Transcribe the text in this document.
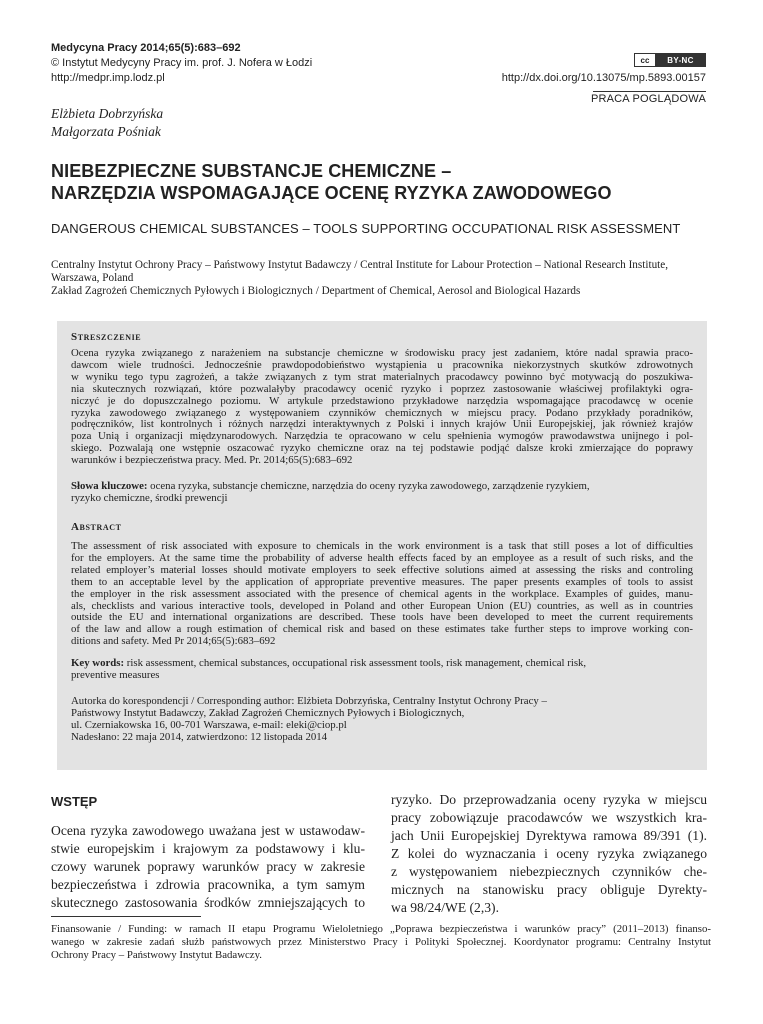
Medycyna Pracy 2014;65(5):683–692
© Instytut Medycyny Pracy im. prof. J. Nofera w Łodzi
http://medpr.imp.lodz.pl
cc	BY-NC
http://dx.doi.org/10.13075/mp.5893.00157
PRACA POGLĄDOWA
Elżbieta Dobrzyńska
Małgorzata Pośniak
NIEBEZPIECZNE SUBSTANCJE CHEMICZNE –
NARZĘDZIA WSPOMAGAJĄCE OCENĘ RYZYKA ZAWODOWEGO
DANGEROUS CHEMICAL SUBSTANCES – TOOLS SUPPORTING OCCUPATIONAL RISK ASSESSMENT
Centralny Instytut Ochrony Pracy – Państwowy Instytut Badawczy / Central Institute for Labour Protection – National Research Institute,
Warszawa, Poland
Zakład Zagrożeń Chemicznych Pyłowych i Biologicznych / Department of Chemical, Aerosol and Biological Hazards
Streszczenie
Ocena ryzyka związanego z narażeniem na substancje chemiczne w środowisku pracy jest zadaniem, które nadal sprawia praco-
dawcom wiele trudności. Jednocześnie prawdopodobieństwo wystąpienia u pracownika niekorzystnych skutków zdrowotnych
w wyniku tego typu zagrożeń, a także związanych z tym strat materialnych pracodawcy powinno być motywacją do poszukiwa-
nia skutecznych rozwiązań, które pozwalałyby pracodawcy ocenić ryzyko i poprzez zastosowanie właściwej profilaktyki ogra-
niczyć je do dopuszczalnego poziomu. W artykule przedstawiono przykładowe narzędzia wspomagające pracodawcę w ocenie
ryzyka zawodowego związanego z występowaniem czynników chemicznych w miejscu pracy. Podano przykłady poradników,
podręczników, list kontrolnych i różnych narzędzi interaktywnych z Polski i innych krajów Unii Europejskiej, jak również krajów
poza Unią i organizacji międzynarodowych. Narzędzia te opracowano w celu spełnienia wymogów prawodawstwa unijnego i pol-
skiego. Pozwalają one wstępnie oszacować ryzyko chemiczne oraz na tej podstawie podjąć dalsze kroki zmierzające do poprawy
warunków i bezpieczeństwa pracy. Med. Pr. 2014;65(5):683–692
Słowa kluczowe: ocena ryzyka, substancje chemiczne, narzędzia do oceny ryzyka zawodowego, zarządzenie ryzykiem,
ryzyko chemiczne, środki prewencji
Abstract
The assessment of risk associated with exposure to chemicals in the work environment is a task that still poses a lot of difficulties
for the employers. At the same time the probability of adverse health effects faced by an employee as a result of such risks, and the
related employer’s material losses should motivate employers to seek effective solutions aimed at assessing the risks and controling
them to an acceptable level by the application of appropriate preventive measures. The paper presents examples of tools to assist
the employer in the risk assessment associated with the presence of chemical agents in the workplace. Examples of guides, manu-
als, checklists and various interactive tools, developed in Poland and other European Union (EU) countries, as well as in countries
outside the EU and international organizations are described. These tools have been developed to meet the current requirements
of the law and allow a rough estimation of chemical risk and based on these estimates take further steps to improve working con-
ditions and safety. Med Pr 2014;65(5):683–692
Key words: risk assessment, chemical substances, occupational risk assessment tools, risk management, chemical risk,
preventive measures
Autorka do korespondencji / Corresponding author: Elżbieta Dobrzyńska, Centralny Instytut Ochrony Pracy –
Państwowy Instytut Badawczy, Zakład Zagrożeń Chemicznych Pyłowych i Biologicznych,
ul. Czerniakowska 16, 00-701 Warszawa, e-mail: eleki@ciop.pl
Nadesłano: 22 maja 2014, zatwierdzono: 12 listopada 2014
WSTĘP
Ocena ryzyka zawodowego uważana jest w ustawodaw-
stwie europejskim i krajowym za podstawowy i klu-
czowy warunek poprawy warunków pracy w zakresie
bezpieczeństwa i zdrowia pracownika, a tym samym
skutecznego zastosowania środków zmniejszających to
ryzyko. Do przeprowadzania oceny ryzyka w miejscu
pracy zobowiązuje pracodawców we wszystkich kra-
jach Unii Europejskiej Dyrektywa ramowa 89/391 (1).
Z kolei do wyznaczania i oceny ryzyka związanego
z występowaniem niebezpiecznych czynników che-
micznych na stanowisku pracy obliguje Dyrekty-
wa 98/24/WE (2,3).
Finansowanie / Funding: w ramach II etapu Programu Wieloletniego „Poprawa bezpieczeństwa i warunków pracy” (2011–2013) finanso-
wanego w zakresie zadań służb państwowych przez Ministerstwo Pracy i Polityki Społecznej. Koordynator programu: Centralny Instytut
Ochrony Pracy – Państwowy Instytut Badawczy.
